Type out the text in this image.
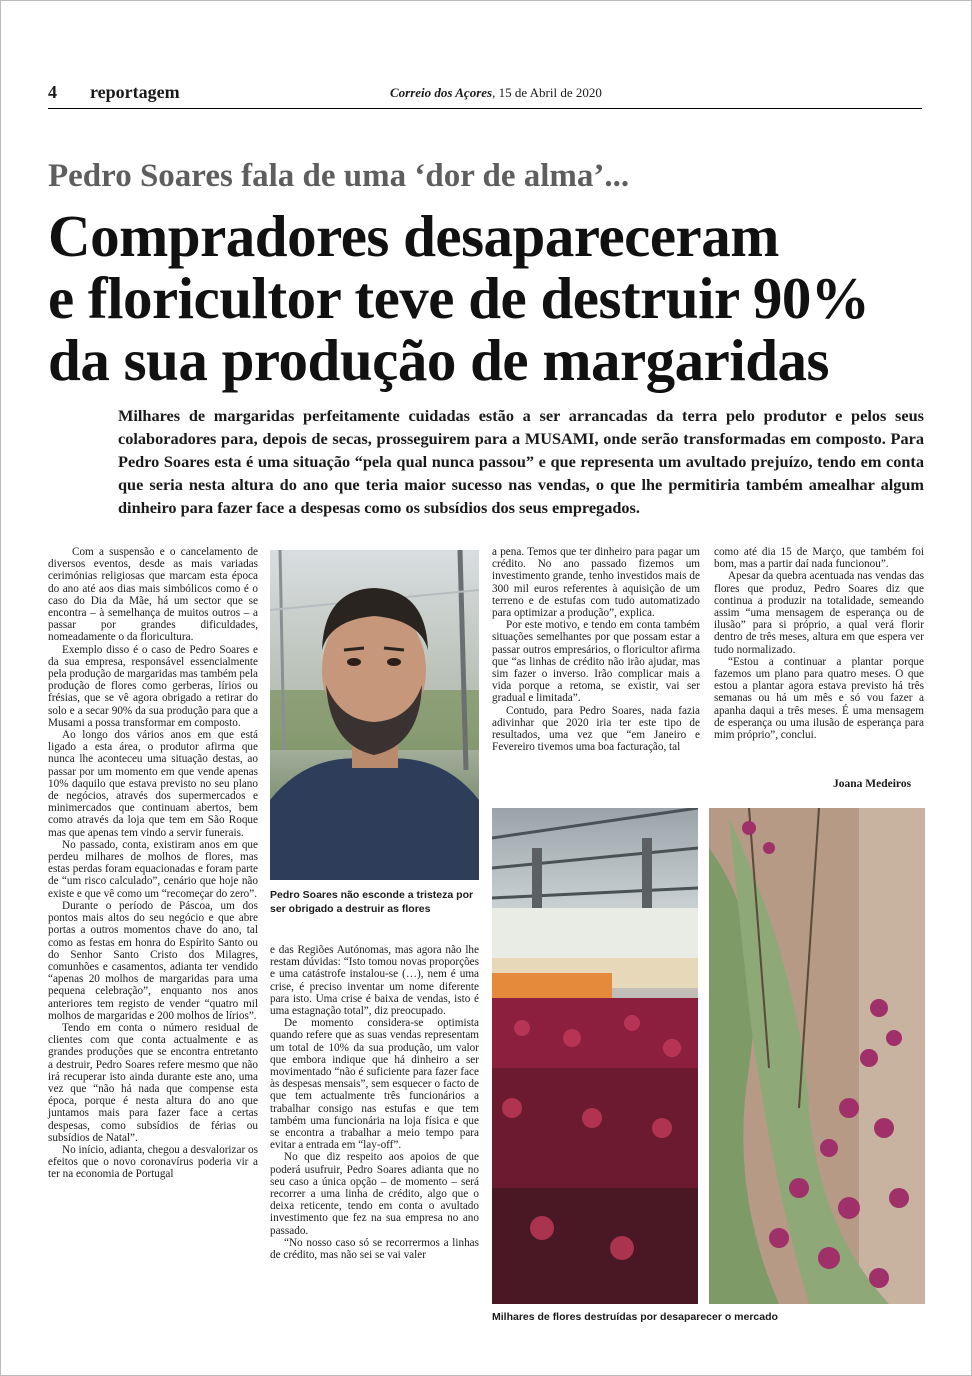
4 reportagem	Correio dos Açores, 15 de Abril de 2020
Pedro Soares fala de uma ‘dor de alma’...
Compradores desapareceram
e floricultor teve de destruir 90%
da sua produção de margaridas
Milhares de margaridas perfeitamente cuidadas estão a ser arrancadas da terra pelo produtor e pelos seus colaboradores para, depois de secas, prosseguirem para a MUSAMI, onde serão transformadas em composto. Para Pedro Soares esta é uma situação “pela qual nunca passou” e que representa um avultado prejuízo, tendo em conta que seria nesta altura do ano que teria maior sucesso nas vendas, o que lhe permitiria também amealhar algum dinheiro para fazer face a despesas como os subsídios dos seus empregados.

Com a suspensão e o cancelamento de diversos eventos, desde as mais variadas cerimónias religiosas que marcam esta época do ano até aos dias mais simbólicos como é o caso do Dia da Mãe, há um sector que se encontra – à semelhança de muitos outros – a passar por grandes dificuldades, nomeadamente o da floricultura.

Exemplo disso é o caso de Pedro Soares e da sua empresa, responsável essencialmente pela produção de margaridas mas também pela produção de flores como gerberas, lírios ou frésias, que se vê agora obrigado a retirar do solo e a secar 90% da sua produção para que a Musami a possa transformar em composto.

Ao longo dos vários anos em que está ligado a esta área, o produtor afirma que nunca lhe aconteceu uma situação destas, ao passar por um momento em que vende apenas 10% daquilo que estava previsto no seu plano de negócios, através dos supermercados e minimercados que continuam abertos, bem como através da loja que tem em São Roque mas que apenas tem vindo a servir funerais.

No passado, conta, existiram anos em que perdeu milhares de molhos de flores, mas estas perdas foram equacionadas e foram parte de “um risco calculado”, cenário que hoje não existe e que vê como um “recomeçar do zero”.

Durante o período de Páscoa, um dos pontos mais altos do seu negócio e que abre portas a outros momentos chave do ano, tal como as festas em honra do Espírito Santo ou do Senhor Santo Cristo dos Milagres, comunhões e casamentos, adianta ter vendido “apenas 20 molhos de margaridas para uma pequena celebração”, enquanto nos anos anteriores tem registo de vender “quatro mil molhos de margaridas e 200 molhos de lírios”.

Tendo em conta o número residual de clientes com que conta actualmente e as grandes produções que se encontra entretanto a destruir, Pedro Soares refere mesmo que não irá recuperar isto ainda durante este ano, uma vez que “não há nada que compense esta época, porque é nesta altura do ano que juntamos mais para fazer face a certas despesas, como subsídios de férias ou subsídios de Natal”.

No início, adianta, chegou a desvalorizar os efeitos que o novo coronavírus poderia vir a ter na economia de Portugal

Pedro Soares não esconde a tristeza por ser obrigado a destruir as flores

e das Regiões Autónomas, mas agora não lhe restam dúvidas: “Isto tomou novas proporções e uma catástrofe instalou-se (…), nem é uma crise, é preciso inventar um nome diferente para isto. Uma crise é baixa de vendas, isto é uma estagnação total”, diz preocupado.

De momento considera-se optimista quando refere que as suas vendas representam um total de 10% da sua produção, um valor que embora indique que há dinheiro a ser movimentado “não é suficiente para fazer face às despesas mensais”, sem esquecer o facto de que tem actualmente três funcionários a trabalhar consigo nas estufas e que tem também uma funcionária na loja física e que se encontra a trabalhar a meio tempo para evitar a entrada em “lay-off”.

No que diz respeito aos apoios de que poderá usufruir, Pedro Soares adianta que no seu caso a única opção – de momento – será recorrer a uma linha de crédito, algo que o deixa reticente, tendo em conta o avultado investimento que fez na sua empresa no ano passado.

“No nosso caso só se recorrermos a linhas de crédito, mas não sei se vai valer

a pena. Temos que ter dinheiro para pagar um crédito. No ano passado fizemos um investimento grande, tenho investidos mais de 300 mil euros referentes à aquisição de um terreno e de estufas com tudo automatizado para optimizar a produção”, explica.

Por este motivo, e tendo em conta também situações semelhantes por que possam estar a passar outros empresários, o floricultor afirma que “as linhas de crédito não irão ajudar, mas sim fazer o inverso. Irão complicar mais a vida porque a retoma, se existir, vai ser gradual e limitada”.

Contudo, para Pedro Soares, nada fazia adivinhar que 2020 iria ter este tipo de resultados, uma vez que “em Janeiro e Fevereiro tivemos uma boa facturação, tal

como até dia 15 de Março, que também foi bom, mas a partir daí nada funcionou”.

Apesar da quebra acentuada nas vendas das flores que produz, Pedro Soares diz que continua a produzir na totalidade, semeando assim “uma mensagem de esperança ou de ilusão” para si próprio, a qual verá florir dentro de três meses, altura em que espera ver tudo normalizado.

“Estou a continuar a plantar porque fazemos um plano para quatro meses. O que estou a plantar agora estava previsto há três semanas ou há um mês e só vou fazer a apanha daqui a três meses. É uma mensagem de esperança ou uma ilusão de esperança para mim próprio”, conclui.

Joana Medeiros
Milhares de flores destruídas por desaparecer o mercado
